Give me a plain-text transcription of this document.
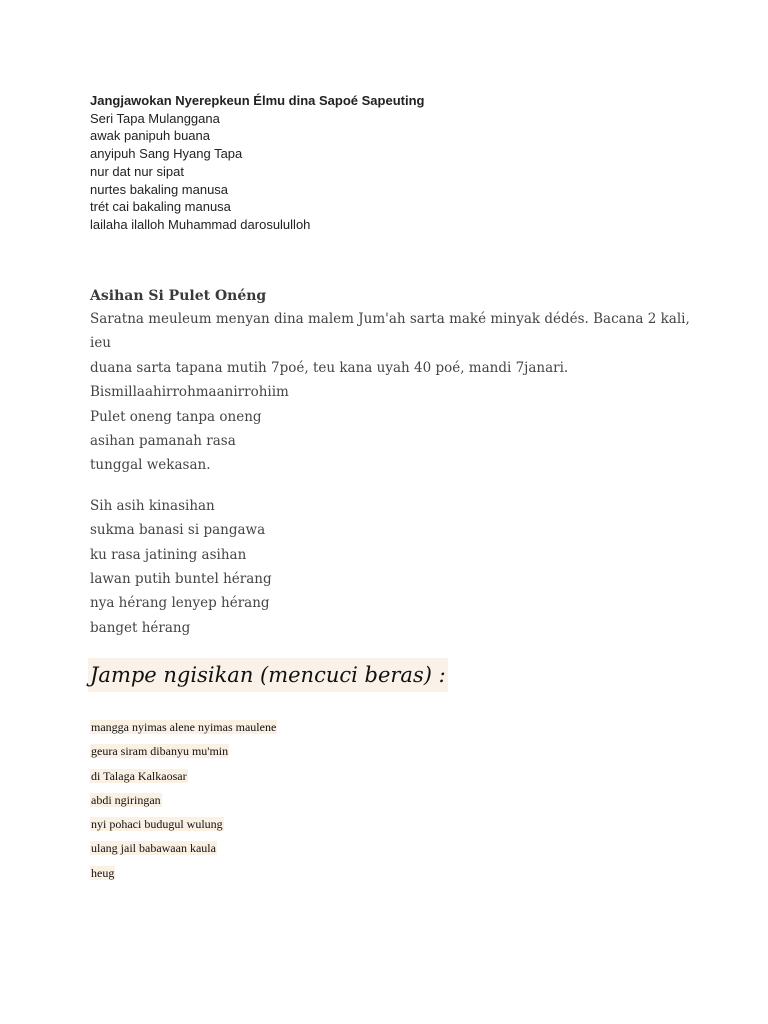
Jangjawokan Nyerepkeun Élmu dina Sapoé Sapeuting
Seri Tapa Mulanggana
awak panipuh buana
anyipuh Sang Hyang Tapa
nur dat nur sipat
nurtes bakaling manusa
trét cai bakaling manusa
lailaha ilalloh Muhammad darosululloh
Asihan Si Pulet Onéng
Saratna meuleum menyan dina malem Jum'ah sarta maké minyak dédés. Bacana 2 kali, ieu
duana sarta tapana mutih 7poé, teu kana uyah 40 poé, mandi 7janari.
Bismillaahirrohmaanirrohiim
Pulet oneng tanpa oneng
asihan pamanah rasa
tunggal wekasan.
Sih asih kinasihan
sukma banasi si pangawa
ku rasa jatining asihan
lawan putih buntel hérang
nya hérang lenyep hérang
banget hérang
Jampe ngisikan (mencuci beras) :
mangga nyimas alene nyimas maulene
geura siram dibanyu mu'min
di Talaga Kalkaosar
abdi ngiringan
nyi pohaci budugul wulung
ulang jail babawaan kaula
heug
